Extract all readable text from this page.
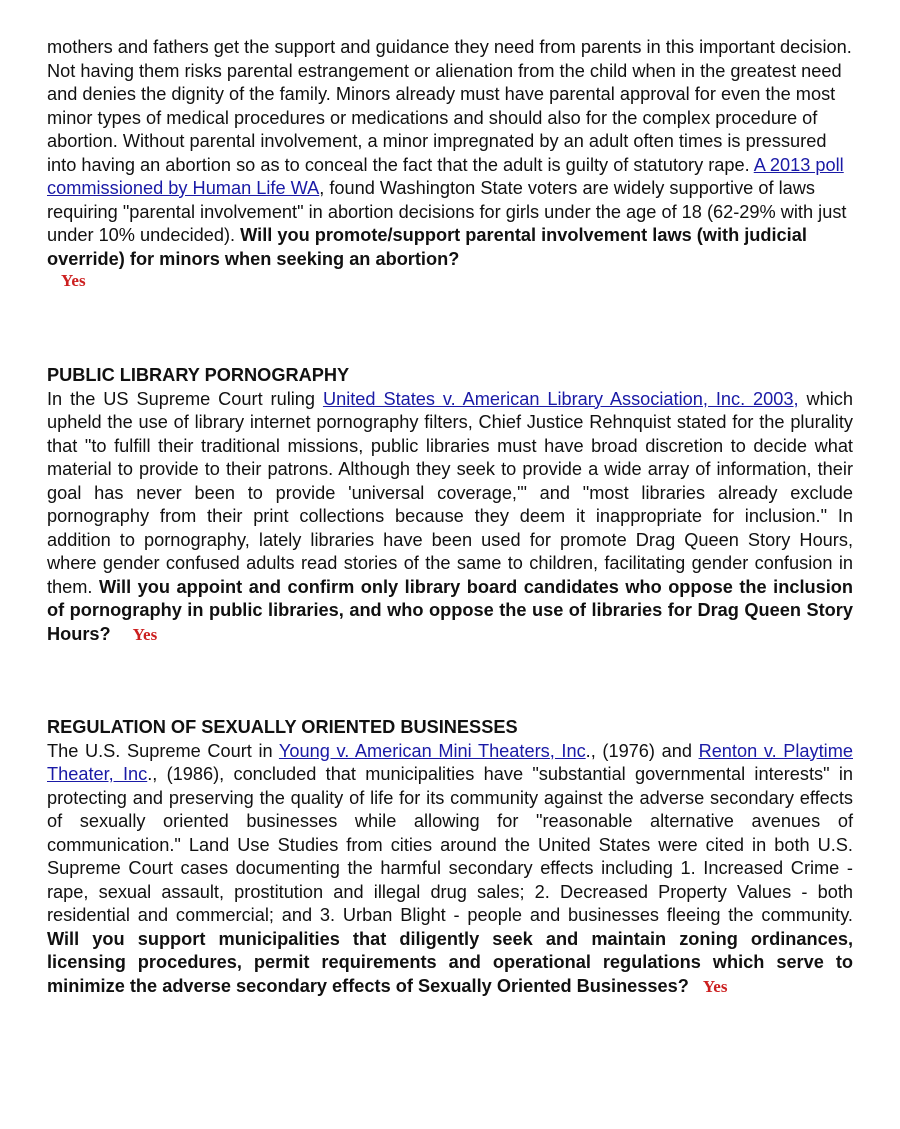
mothers and fathers get the support and guidance they need from parents in this important decision. Not having them risks parental estrangement or alienation from the child when in the greatest need and denies the dignity of the family. Minors already must have parental approval for even the most minor types of medical procedures or medications and should also for the complex procedure of abortion. Without parental involvement, a minor impregnated by an adult often times is pressured into having an abortion so as to conceal the fact that the adult is guilty of statutory rape. A 2013 poll commissioned by Human Life WA, found Washington State voters are widely supportive of laws requiring "parental involvement" in abortion decisions for girls under the age of 18 (62-29% with just under 10% undecided). Will you promote/support parental involvement laws (with judicial override) for minors when seeking an abortion?

Yes

PUBLIC LIBRARY PORNOGRAPHY

In the US Supreme Court ruling United States v. American Library Association, Inc. 2003, which upheld the use of library internet pornography filters, Chief Justice Rehnquist stated for the plurality that "to fulfill their traditional missions, public libraries must have broad discretion to decide what material to provide to their patrons. Although they seek to provide a wide array of information, their goal has never been to provide 'universal coverage,'" and "most libraries already exclude pornography from their print collections because they deem it inappropriate for inclusion." In addition to pornography, lately libraries have been used for promote Drag Queen Story Hours, where gender confused adults read stories of the same to children, facilitating gender confusion in them. Will you appoint and confirm only library board candidates who oppose the inclusion of pornography in public libraries, and who oppose the use of libraries for Drag Queen Story Hours? Yes

REGULATION OF SEXUALLY ORIENTED BUSINESSES

The U.S. Supreme Court in Young v. American Mini Theaters, Inc., (1976) and Renton v. Playtime Theater, Inc., (1986), concluded that municipalities have "substantial governmental interests" in protecting and preserving the quality of life for its community against the adverse secondary effects of sexually oriented businesses while allowing for "reasonable alternative avenues of communication." Land Use Studies from cities around the United States were cited in both U.S. Supreme Court cases documenting the harmful secondary effects including 1. Increased Crime - rape, sexual assault, prostitution and illegal drug sales; 2. Decreased Property Values - both residential and commercial; and 3. Urban Blight - people and businesses fleeing the community. Will you support municipalities that diligently seek and maintain zoning ordinances, licensing procedures, permit requirements and operational regulations which serve to minimize the adverse secondary effects of Sexually Oriented Businesses? Yes
